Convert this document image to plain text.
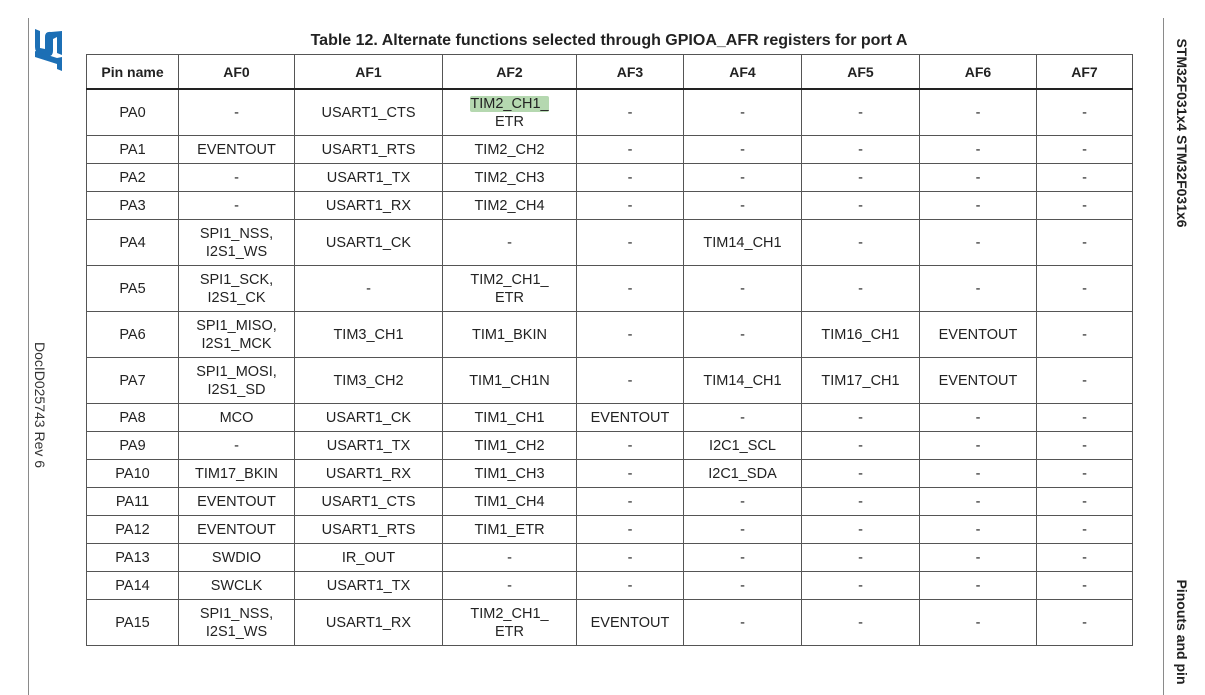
DocID025743 Rev 6
STM32F031x4 STM32F031x6
Pinouts and pin
Table 12. Alternate functions selected through GPIOA_AFR registers for port A
Pin name	AF0	AF1	AF2	AF3	AF4	AF5	AF6	AF7
PA0	-	USART1_CTS	TIM2_CH1_
ETR	-	-	-	-	-
PA1	EVENTOUT	USART1_RTS	TIM2_CH2	-	-	-	-	-
PA2	-	USART1_TX	TIM2_CH3	-	-	-	-	-
PA3	-	USART1_RX	TIM2_CH4	-	-	-	-	-
PA4	SPI1_NSS,
I2S1_WS	USART1_CK	-	-	TIM14_CH1	-	-	-
PA5	SPI1_SCK,
I2S1_CK	-	TIM2_CH1_
ETR	-	-	-	-	-
PA6	SPI1_MISO,
I2S1_MCK	TIM3_CH1	TIM1_BKIN	-	-	TIM16_CH1	EVENTOUT	-
PA7	SPI1_MOSI,
I2S1_SD	TIM3_CH2	TIM1_CH1N	-	TIM14_CH1	TIM17_CH1	EVENTOUT	-
PA8	MCO	USART1_CK	TIM1_CH1	EVENTOUT	-	-	-	-
PA9	-	USART1_TX	TIM1_CH2	-	I2C1_SCL	-	-	-
PA10	TIM17_BKIN	USART1_RX	TIM1_CH3	-	I2C1_SDA	-	-	-
PA11	EVENTOUT	USART1_CTS	TIM1_CH4	-	-	-	-	-
PA12	EVENTOUT	USART1_RTS	TIM1_ETR	-	-	-	-	-
PA13	SWDIO	IR_OUT	-	-	-	-	-	-
PA14	SWCLK	USART1_TX	-	-	-	-	-	-
PA15	SPI1_NSS,
I2S1_WS	USART1_RX	TIM2_CH1_
ETR	EVENTOUT	-	-	-	-
